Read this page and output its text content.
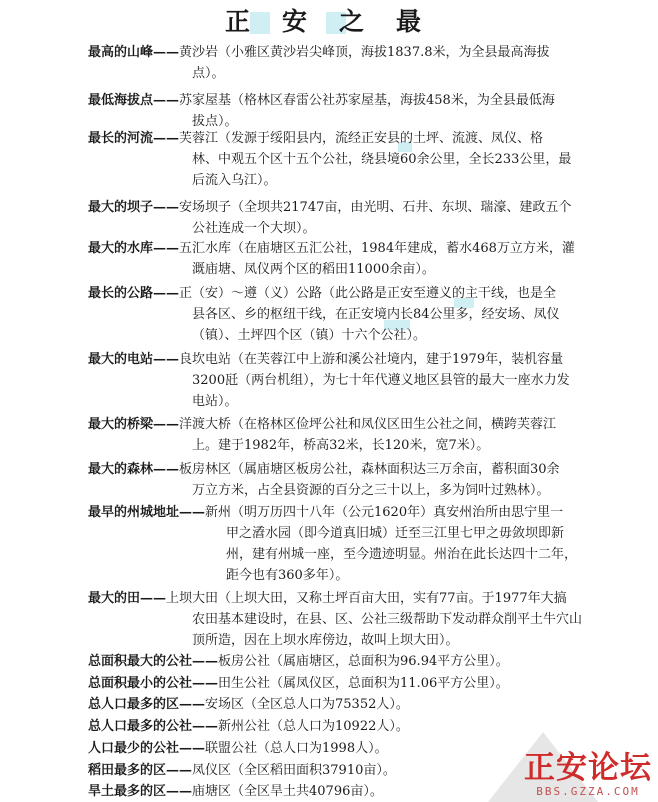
正安之最
最高的山峰——黄沙岩（小雅区黄沙岩尖峰顶，海拔1837.8米，为全县最高海拔
点）。
最低海拔点——苏家屋基（格林区春雷公社苏家屋基，海拔458米，为全县最低海
拔点）。
最长的河流——芙蓉江（发源于绥阳县内，流经正安县的土坪、流渡、凤仪、格
林、中观五个区十五个公社，绕县境60余公里，全长233公里，最
后流入乌江）。
最大的坝子——安场坝子（全坝共21747亩，由光明、石井、东坝、瑞濠、建政五个
公社连成一个大坝）。
最大的水库——五汇水库（在庙塘区五汇公社，1984年建成，蓄水468万立方米，灌
溉庙塘、凤仪两个区的稻田11000余亩）。
最长的公路——正（安）～遵（义）公路（此公路是正安至遵义的主干线，也是全
县各区、乡的枢纽干线，在正安境内长84公里多，经安场、凤仪
（镇）、土坪四个区（镇）十六个公社）。
最大的电站——良坎电站（在芙蓉江中上游和溪公社境内，建于1979年，装机容量
3200瓩（两台机组），为七十年代遵义地区县管的最大一座水力发
电站）。
最大的桥梁——洋渡大桥（在格林区俭坪公社和凤仪区田生公社之间，横跨芙蓉江
上。建于1982年，桥高32米，长120米，宽7米）。
最大的森林——板房林区（属庙塘区板房公社，森林面积达三万余亩，蓄积面30余
万立方米，占全县资源的百分之三十以上，多为饲叶过熟林）。
最早的州城地址——新州（明万历四十八年（公元1620年）真安州治所由思宁里一
甲之㵫水园（即今道真旧城）迁至三江里七甲之毋敛坝即新
州，建有州城一座，至今遗迹明显。州治在此长达四十二年，
距今也有360多年）。
最大的田——上坝大田（上坝大田，又称土坪百亩大田，实有77亩。于1977年大搞
农田基本建设时，在县、区、公社三级帮助下发动群众削平土牛穴山
顶所造，因在上坝水库傍边，故叫上坝大田）。
总面积最大的公社——板房公社（属庙塘区，总面积为96.94平方公里）。
总面积最小的公社——田生公社（属凤仪区，总面积为11.06平方公里）。
总人口最多的区——安场区（全区总人口为75352人）。
总人口最多的公社——新州公社（总人口为10922人）。
人口最少的公社——联盟公社（总人口为1998人）。
稻田最多的区——凤仪区（全区稻田面积37910亩）。
旱土最多的区——庙塘区（全区旱土共40796亩）。
正安论坛
BBS.GZZA.COM
